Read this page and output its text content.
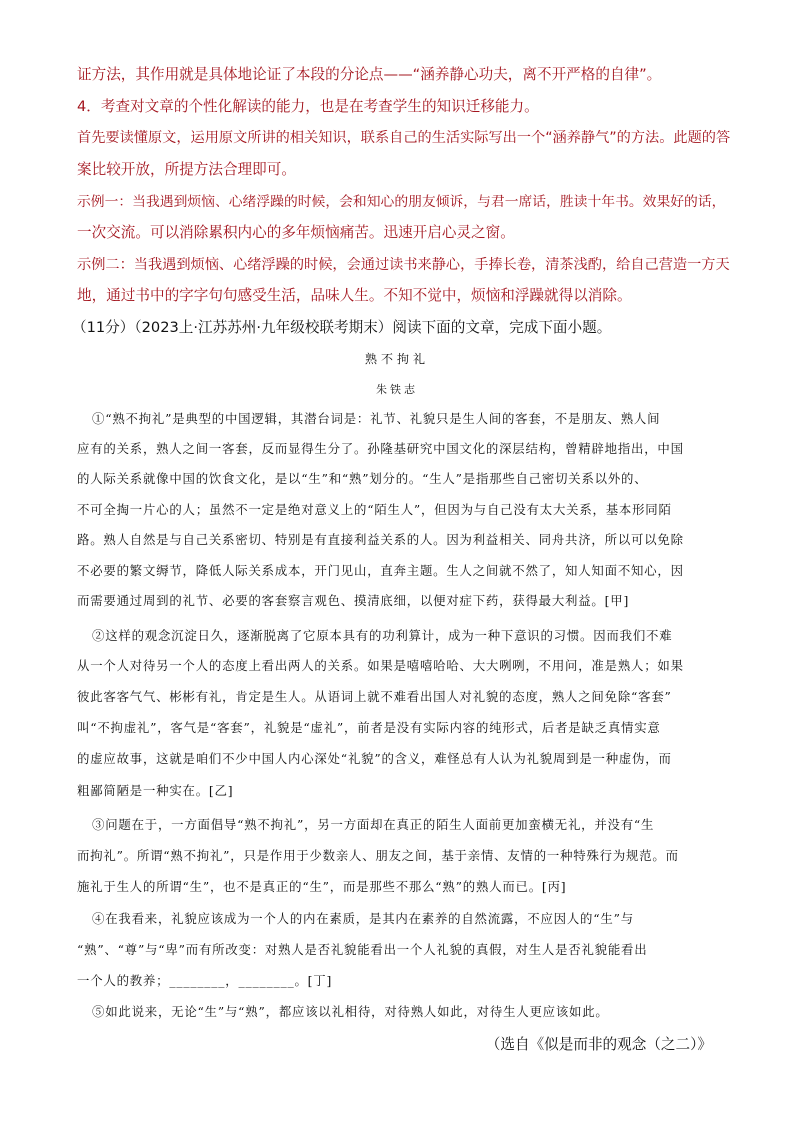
证方法，其作用就是具体地论证了本段的分论点——“涵养静心功夫，离不开严格的自律”。
4．考查对文章的个性化解读的能力，也是在考查学生的知识迁移能力。
首先要读懂原文，运用原文所讲的相关知识，联系自己的生活实际写出一个“涵养静气”的方法。此题的答
案比较开放，所提方法合理即可。
示例一：当我遇到烦恼、心绪浮躁的时候，会和知心的朋友倾诉，与君一席话，胜读十年书。效果好的话，
一次交流。可以消除累积内心的多年烦恼痛苦。迅速开启心灵之窗。
示例二：当我遇到烦恼、心绪浮躁的时候，会通过读书来静心，手捧长卷，清茶浅酌，给自己营造一方天
地，通过书中的字字句句感受生活，品味人生。不知不觉中，烦恼和浮躁就得以消除。
（11分）（2023上·江苏苏州·九年级校联考期末）阅读下面的文章，完成下面小题。
熟不拘礼
朱铁志
①“熟不拘礼”是典型的中国逻辑，其潜台词是：礼节、礼貌只是生人间的客套，不是朋友、熟人间
应有的关系，熟人之间一客套，反而显得生分了。孙隆基研究中国文化的深层结构，曾精辟地指出，中国
的人际关系就像中国的饮食文化，是以“生”和“熟”划分的。“生人”是指那些自己密切关系以外的、
不可全掏一片心的人；虽然不一定是绝对意义上的“陌生人”，但因为与自己没有太大关系，基本形同陌
路。熟人自然是与自己关系密切、特别是有直接利益关系的人。因为利益相关、同舟共济，所以可以免除
不必要的繁文缛节，降低人际关系成本，开门见山，直奔主题。生人之间就不然了，知人知面不知心，因
而需要通过周到的礼节、必要的客套察言观色、摸清底细，以便对症下药，获得最大利益。[甲]
②这样的观念沉淀日久，逐渐脱离了它原本具有的功利算计，成为一种下意识的习惯。因而我们不难
从一个人对待另一个人的态度上看出两人的关系。如果是嘻嘻哈哈、大大咧咧，不用问，准是熟人；如果
彼此客客气气、彬彬有礼，肯定是生人。从语词上就不难看出国人对礼貌的态度，熟人之间免除“客套”
叫“不拘虚礼”，客气是“客套”，礼貌是“虚礼”，前者是没有实际内容的纯形式，后者是缺乏真情实意
的虚应故事，这就是咱们不少中国人内心深处“礼貌”的含义，难怪总有人认为礼貌周到是一种虚伪，而
粗鄙简陋是一种实在。[乙]
③问题在于，一方面倡导“熟不拘礼”，另一方面却在真正的陌生人面前更加蛮横无礼，并没有“生
而拘礼”。所谓“熟不拘礼”，只是作用于少数亲人、朋友之间，基于亲情、友情的一种特殊行为规范。而
施礼于生人的所谓“生”，也不是真正的“生”，而是那些不那么“熟”的熟人而已。[丙]
④在我看来，礼貌应该成为一个人的内在素质，是其内在素养的自然流露，不应因人的“生”与
“熟”、“尊”与“卑”而有所改变：对熟人是否礼貌能看出一个人礼貌的真假，对生人是否礼貌能看出
一个人的教养；________，________。[丁]
⑤如此说来，无论“生”与“熟”，都应该以礼相待，对待熟人如此，对待生人更应该如此。
（选自《似是而非的观念（之二）》
